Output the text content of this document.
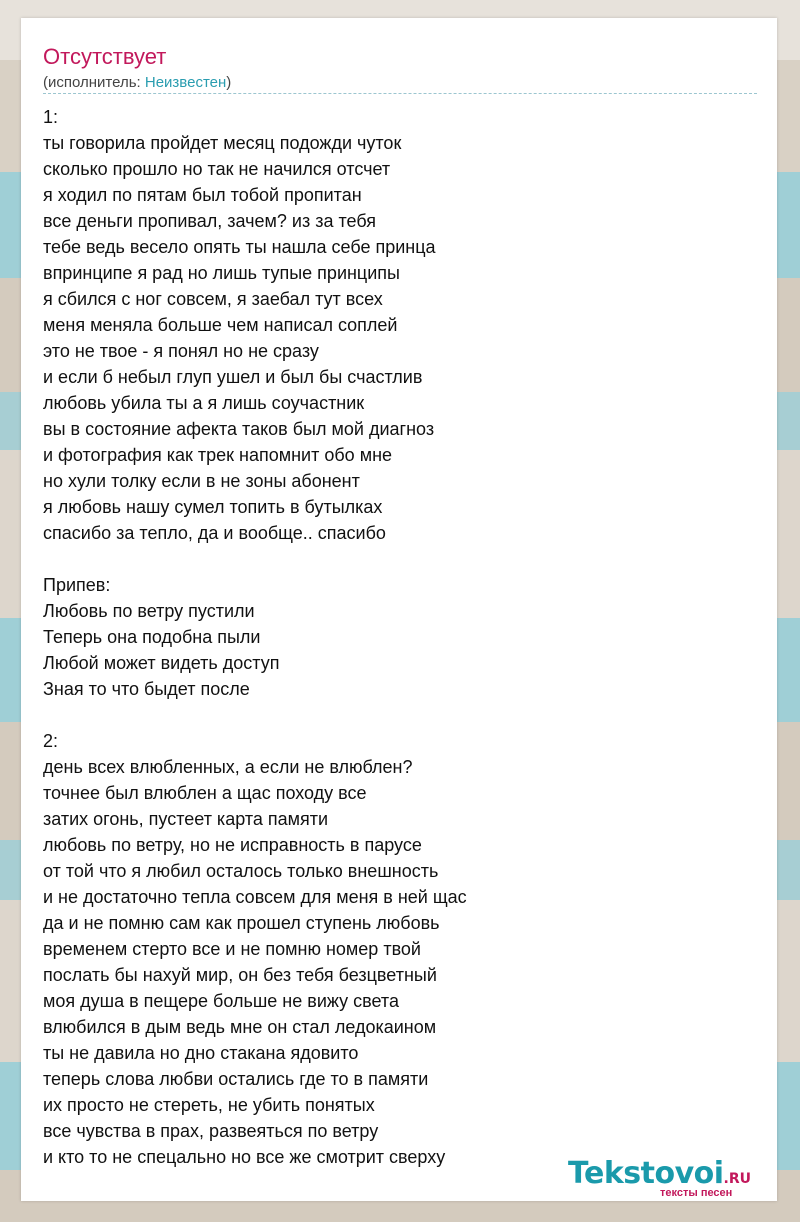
Отсутствует
(исполнитель: Неизвестен)
1:
ты говорила пройдет месяц подожди чуток
сколько прошло но так не начился отсчет
я ходил по пятам был тобой пропитан
все деньги пропивал, зачем? из за тебя
тебе ведь весело опять ты нашла себе принца
впринципе я рад но лишь тупые принципы
я сбился с ног совсем, я заебал тут всех
меня меняла больше чем написал соплей
это не твое - я понял но не сразу
и если б небыл глуп ушел и был бы счастлив
любовь убила ты а я лишь соучастник
вы в состояние афекта таков был мой диагноз
и фотография как трек напомнит обо мне
но хули толку если в не зоны абонент
я любовь нашу сумел топить в бутылках
спасибо за тепло, да и вообще.. спасибо
Припев:
Любовь по ветру пустили
Теперь она подобна пыли
Любой может видеть доступ
Зная то что быдет после
2:
день всех влюбленных, а если не влюблен?
точнее был влюблен а щас походу все
затих огонь, пустеет карта памяти
любовь по ветру, но не исправность в парусе
от той что я любил осталось только внешность
и не достаточно тепла совсем для меня в ней щас
да и не помню сам как прошел ступень любовь
временем стерто все и не помню номер твой
послать бы нахуй мир, он без тебя безцветный
моя душа в пещере больше не вижу света
влюбился в дым ведь мне он стал ледокаином
ты не давила но дно стакана ядовито
теперь слова любви остались где то в памяти
их просто не стереть, не убить понятых
все чувства в прах, развеяться по ветру
и кто то не спецально но все же смотрит сверху	Tekstovoi.RU
тексты песен
